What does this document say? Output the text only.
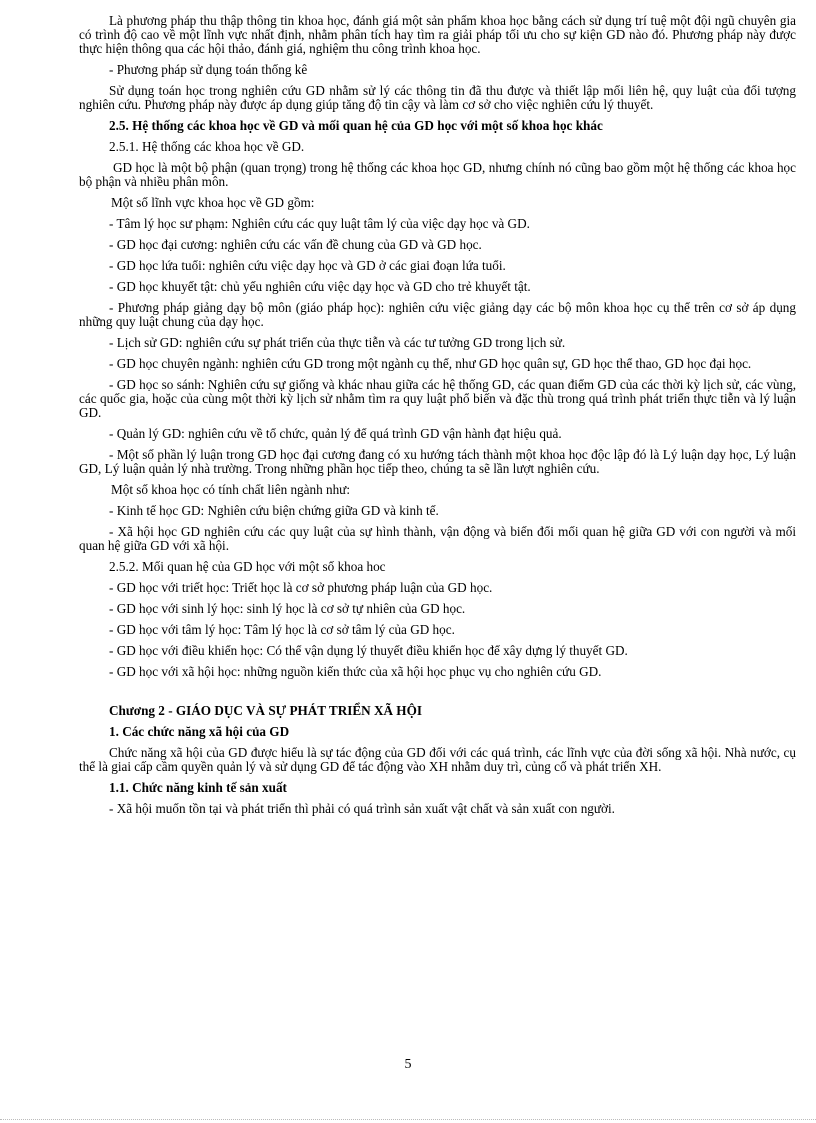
Là phương pháp thu thập thông tin khoa học, đánh giá một sản phẩm khoa học bằng cách sử dụng trí tuệ một đội ngũ chuyên gia có trình độ cao về một lĩnh vực nhất định, nhằm phân tích hay tìm ra giải pháp tối ưu cho sự kiện GD nào đó. Phương pháp này được thực hiện thông qua các hội thảo, đánh giá, nghiệm thu công trình khoa học.

- Phương pháp sử dụng toán thống kê

Sử dụng toán học trong nghiên cứu GD nhằm sử lý các thông tin đã thu được và thiết lập mối liên hệ, quy luật của đối tượng nghiên cứu. Phương pháp này được áp dụng giúp tăng độ tin cậy và làm cơ sở cho việc nghiên cứu lý thuyết.

2.5. Hệ thống các khoa học về GD và mối quan hệ của GD học với một số khoa học khác

2.5.1. Hệ thống các khoa học về GD.

GD học là một bộ phận (quan trọng) trong hệ thống các khoa học GD, nhưng chính nó cũng bao gồm một hệ thống các khoa học bộ phận và nhiều phân môn.

Một số lĩnh vực khoa học về GD gồm:

- Tâm lý học sư phạm: Nghiên cứu các quy luật tâm lý của việc dạy học và GD.

- GD học đại cương: nghiên cứu các vấn đề chung của GD và GD học.

- GD học lứa tuổi: nghiên cứu việc dạy học và GD ở các giai đoạn lứa tuổi.

- GD học khuyết tật: chủ yếu nghiên cứu việc dạy học và GD cho trẻ khuyết tật.

- Phương pháp giảng dạy bộ môn (giáo pháp học): nghiên cứu việc giảng dạy các bộ môn khoa học cụ thể trên cơ sở áp dụng những quy luật chung của dạy học.

- Lịch sử GD: nghiên cứu sự phát triển của thực tiễn và các tư tưởng GD trong lịch sử.

- GD học chuyên ngành: nghiên cứu GD trong một ngành cụ thể, như GD học quân sự, GD học thể thao, GD học đại học.

- GD học so sánh: Nghiên cứu sự giống và khác nhau giữa các hệ thống GD, các quan điểm GD của các thời kỳ lịch sử, các vùng, các quốc gia, hoặc của cùng một thời kỳ lịch sử nhằm tìm ra quy luật phổ biến và đặc thù trong quá trình phát triển thực tiễn và lý luận GD.

- Quản lý GD: nghiên cứu về tổ chức, quản lý để quá trình GD vận hành đạt hiệu quả.

- Một số phần lý luận trong GD học đại cương đang có xu hướng tách thành một khoa học độc lập đó là Lý luận dạy học, Lý luận GD, Lý luận quản lý nhà trường. Trong những phần học tiếp theo, chúng ta sẽ lần lượt nghiên cứu.

Một số khoa học có tính chất liên ngành như:

- Kinh tế học GD: Nghiên cứu biện chứng giữa GD và kinh tế.

- Xã hội học GD nghiên cứu các quy luật của sự hình thành, vận động và biến đổi mối quan hệ giữa GD với con người và mối quan hệ giữa GD với xã hội.

2.5.2. Mối quan hệ của GD học với một số khoa hoc

- GD học với triết học: Triết học là cơ sở phương pháp luận của GD học.

- GD học với sinh lý học: sinh lý học là cơ sở tự nhiên của GD học.

- GD học với tâm lý học: Tâm lý học là cơ sở tâm lý của GD học.

- GD học với điều khiển học: Có thể vận dụng lý thuyết điều khiển học để xây dựng lý thuyết GD.

- GD học với xã hội học: những nguồn kiến thức của xã hội học phục vụ cho nghiên cứu GD.

Chương 2 - GIÁO DỤC VÀ SỰ PHÁT TRIỂN XÃ HỘI

1. Các chức năng xã hội của GD

Chức năng xã hội của GD được hiểu là sự tác động của GD đối với các quá trình, các lĩnh vực của đời sống xã hội. Nhà nước, cụ thể là giai cấp cầm quyền quản lý và sử dụng GD để tác động vào XH nhằm duy trì, củng cố và phát triển XH.

1.1. Chức năng kinh tế sản xuất

- Xã hội muốn tồn tại và phát triển thì phải có quá trình sản xuất vật chất và sản xuất con người.

5
